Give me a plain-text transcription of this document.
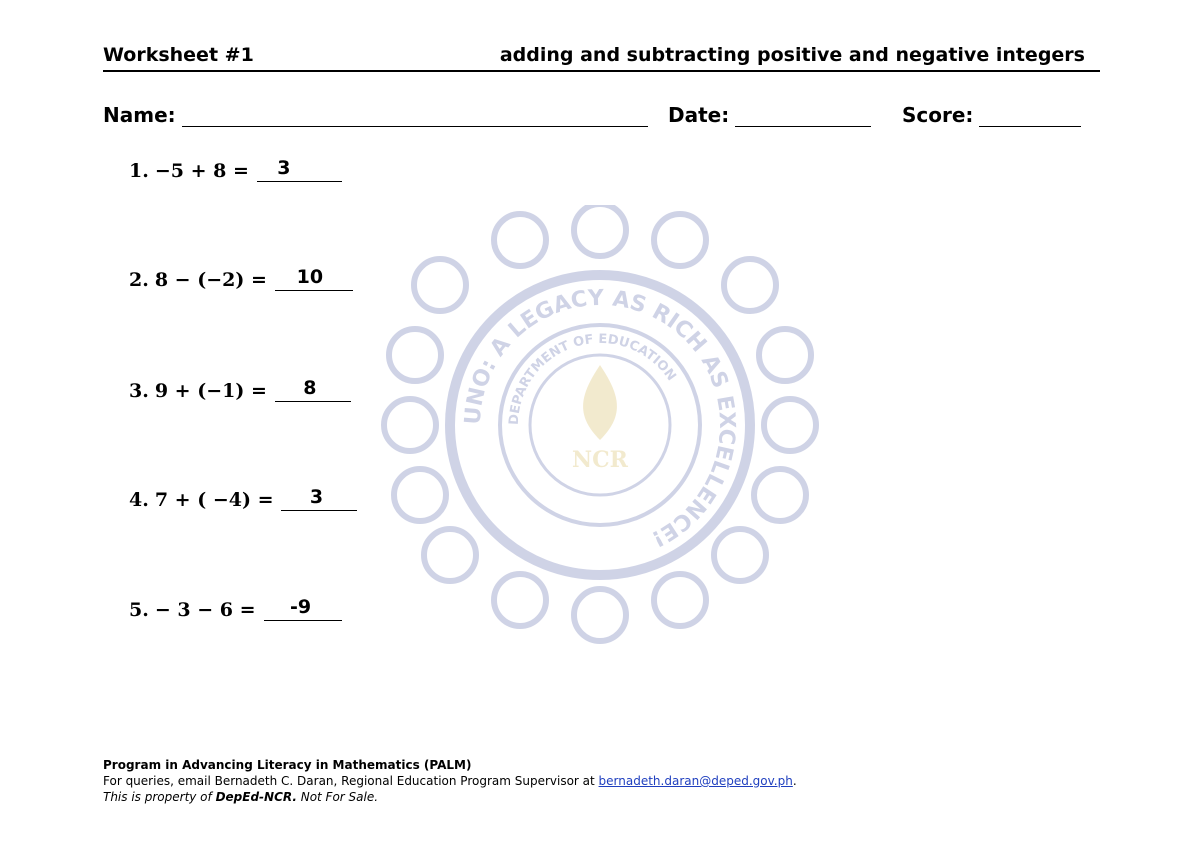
Worksheet #1	adding and subtracting positive and negative integers
Name:	Date:	Score:
UNO: A LEGACY AS RICH AS EXCELLENCE!
DEPARTMENT OF EDUCATION
NCR
1. −5 + 8 =	3
2. 8 − (−2) =	10
3. 9 + (−1) =	8
4. 7 + ( −4) =	3
5. − 3 − 6 =	-9
Program in Advancing Literacy in Mathematics (PALM)
For queries, email Bernadeth C. Daran, Regional Education Program Supervisor at bernadeth.daran@deped.gov.ph.
This is property of DepEd-NCR. Not For Sale.
